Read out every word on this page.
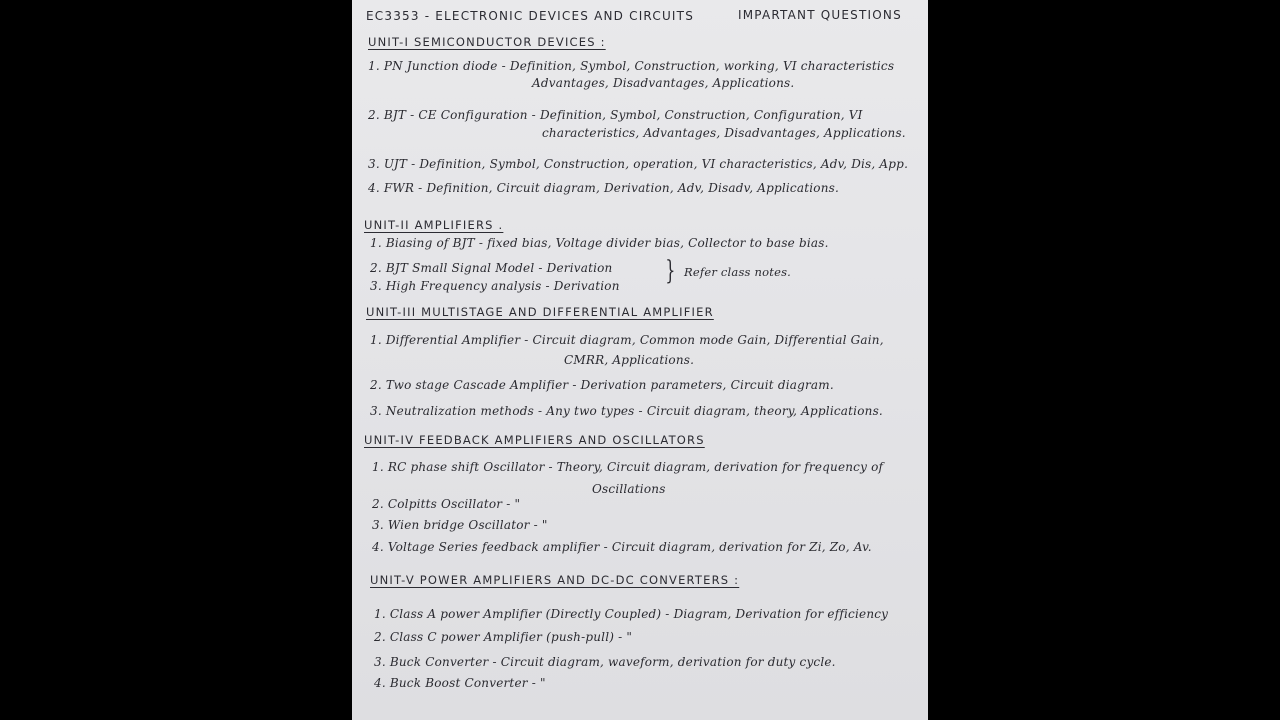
EC3353 - ELECTRONIC DEVICES AND CIRCUITS	IMPARTANT QUESTIONS
UNIT-I SEMICONDUCTOR DEVICES :
1. PN Junction diode - Definition, Symbol, Construction, working, VI characteristics
Advantages, Disadvantages, Applications.
2. BJT - CE Configuration - Definition, Symbol, Construction, Configuration, VI
characteristics, Advantages, Disadvantages, Applications.
3. UJT - Definition, Symbol, Construction, operation, VI characteristics, Adv, Dis, App.
4. FWR - Definition, Circuit diagram, Derivation, Adv, Disadv, Applications.
UNIT-II AMPLIFIERS .
1. Biasing of BJT - fixed bias, Voltage divider bias, Collector to base bias.
2. BJT Small Signal Model - Derivation
3. High Frequency analysis - Derivation } Refer class notes.
UNIT-III MULTISTAGE AND DIFFERENTIAL AMPLIFIER
1. Differential Amplifier - Circuit diagram, Common mode Gain, Differential Gain,
CMRR, Applications.
2. Two stage Cascade Amplifier - Derivation parameters, Circuit diagram.
3. Neutralization methods - Any two types - Circuit diagram, theory, Applications.
UNIT-IV FEEDBACK AMPLIFIERS AND OSCILLATORS
1. RC phase shift Oscillator - Theory, Circuit diagram, derivation for frequency of
Oscillations
2. Colpitts Oscillator - "
3. Wien bridge Oscillator - "
4. Voltage Series feedback amplifier - Circuit diagram, derivation for Zi, Zo, Av.
UNIT-V POWER AMPLIFIERS AND DC-DC CONVERTERS :
1. Class A power Amplifier (Directly Coupled) - Diagram, Derivation for efficiency
2. Class C power Amplifier (push-pull) - "
3. Buck Converter - Circuit diagram, waveform, derivation for duty cycle.
4. Buck Boost Converter - "
